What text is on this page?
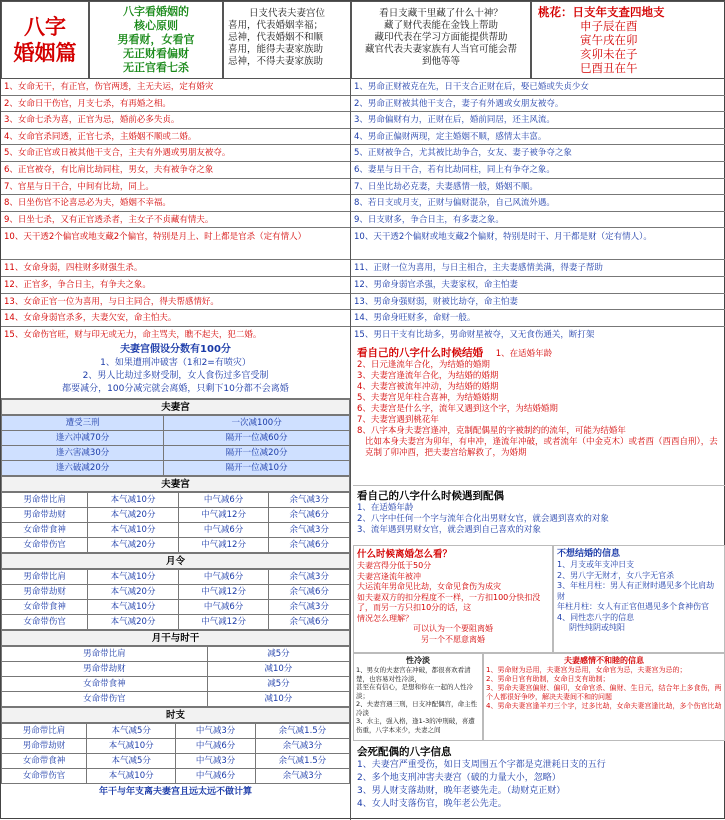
八字
婚姻篇
八字看婚姻的
核心原则
男看财，女看官
无正财看偏财
无正官看七杀
日支代表夫妻宫位
喜用，代表婚姻幸福；
忌神，代表婚姻不和顺
喜用，能得夫妻家族助
忌神，不得夫妻家族助
看日支藏干里藏了什么十神？
藏了财代表能在金钱上帮助
藏印代表在学习方面能提供帮助
藏官代表夫妻家族有人当官可能会帮
到他等等
桃花：日支年支查四地支
申子辰在酉
寅午戌在卯
亥卯未在子
巳酉丑在午
1、女命无干，有正官，伤官两透，主无夫运，定有婚灾
2、女命日干伤官，月支七杀，有再婚之相。
3、女命七杀为喜，正官为忌，婚前必多失贞。
4、女命官杀同透，正官七杀，主婚姻不顺或二婚。
5、女命正官或日被其他干支合，主夫有外遇或男朋友被夺。
6、正官被夺，有比肩比劫同柱，男女，夫有被争夺之象
7、官星与日干合，中间有比劫，同上。
8、日坐伤官不论喜忌必为夫，婚姻不幸福。
9、日坐七杀，又有正官透杀者，主女子不贞藏有情夫。
10、天干透2个偏官或地支藏2个偏官，特别是月上、时上都是官杀（定有情人）
11、女命身弱，四柱财多财强生杀。
12、正官多，争合日主，有争夫之象。
13、女命正官一位为喜用，与日主同合，得夫帮感情好。
14、女命身弱官杀多，夫妻欠安，命主怕夫。
15、女命伤官旺，财与印无或无力，命主骂夫，瞧不起夫，犯二婚。
1、男命正财被克在先，日干支合正财在后，娶已婚或失贞少女
2、男命正财被其他干支合，妻子有外遇或女朋友被夺。
3、男命偏财有力，正财在后，婚前同居，还主风流。
4、男命正偏财两现，定主婚姻不顺，感情太丰富。
5、正财被争合，尤其被比劫争合，女友、妻子被争夺之象
6、妻星与日干合，若有比劫同柱，同上有争夺之象。
7、日坐比劫必克妻，夫妻感情一般，婚姻不顺。
8、若日支或月支，正财与偏财混杂，自己风流外遇。
9、日支财多，争合日主，有多妻之象。
10、天干透2个偏财或地支藏2个偏财，特别是时干、月干都是财（定有情人）。
11、正财一位为喜用，与日主相合，主夫妻感情美满，得妻子帮助
12、男命身弱官杀强，夫妻家权，命主怕妻
13、男命身强财弱，财被比劫夺，命主怕妻
14、男命身旺财多，命财一般。
15、男日干支有比劫多，男命财星被夺，又无食伤通关，断打架
夫妻宫假设分数有100分
1、如果遭刑冲破害（1和2=有喷灾）
2、男人比劫过多财受制，女人食伤过多官受制
都要减分，100分减完就会离婚，只剩下10分都不会离婚
夫妻宫
遭受三刑	一次减100分
逢六冲减70分	隔开一位减60分
逢六害减30分	隔开一位减20分
逢六破减20分	隔开一位减10分
夫妻宫
男命带比肩	本气减10分	中气减6分	余气减3分
男命带劫财	本气减20分	中气减12分	余气减6分
女命带食神	本气减10分	中气减6分	余气减3分
女命带伤官	本气减20分	中气减12分	余气减6分
月令
男命带比肩	本气减10分	中气减6分	余气减3分
男命带劫财	本气减20分	中气减12分	余气减6分
女命带食神	本气减10分	中气减6分	余气减3分
女命带伤官	本气减20分	中气减12分	余气减6分
月干与时干
男命带比肩	减5分
男命带劫财	减10分
女命带食神	减5分
女命带伤官	减10分
时支
男命带比肩	本气减5分	中气减3分	余气减1.5分
男命带劫财	本气减10分	中气减6分	余气减3分
女命带食神	本气减5分	中气减3分	余气减1.5分
女命带伤官	本气减10分	中气减6分	余气减3分
年干与年支离夫妻宫且远太远不做计算
看自己的八字什么时候结婚 1、在适婚年龄
2、日元逢流年合化，为结婚的婚期
3、夫妻宫逢流年合化，为结婚的婚期
4、夫妻宫被流年冲动，为结婚的婚期
5、夫妻宫见年柱合喜神，为结婚婚期
6、夫妻宫是什么字，流年又遇到这个字，为结婚婚期
7、夫妻宫遇到桃花年
8、八字本身夫妻宫逢冲，克制配偶星的字被制约的流年，可能为结婚年
比如本身夫妻宫为卯年，有申冲，逢流年冲破，或者流年（中金克木）或者酉（酉酉自刑），去克制了卯冲酉，把夫妻宫给解救了，为婚期
看自己的八字什么时候遇到配偶
1、在适婚年龄
2、八字中任何一个字与流年合化出男财女官，就会遇到喜欢的对象
3、流年遇到男财女官，就会遇到自己喜欢的对象
什么时候离婚怎么看？
夫妻宫得分低于50分
夫妻宫逢流年被冲
大运流年男命见比劫，女命见食伤为成灾
如夫妻双方的扣分程度不一样，一方扣100分快扣没了，而另一方只扣10分的话，这
情况怎么理解？
可以认为一个要阻离婚
另一个不愿意离婚
不想结婚的信息
1、月支或年支冲日支
2、男八字无财才，女八字无官杀
3、年柱月柱：男人有正财时遇见多个比肩劫财
年柱月柱：女人有正官但遇见多个食神伤官
4、同性恋八字的信息
阴性纯阴或纯阳
性冷淡
1、男女的夫妻宫在冲破，都很喜欢看清楚，也容易对性冷淡，
甚至在有信心，是想和你在一起的人性冷淡；
2、夫妻宫遇三刑，日支冲配偶宫，命主性冷淡
3、水主，强入格，逢1-3的冲刑破，喜遭伤重，八字本来少，夫妻之间
夫妻感情不和睦的信息
1、男命财为忌用，夫妻宫为忌用，女命官为忌，夫妻宫为忌的；
2、男命日官有助制，女命日支有助制；
3、男命夫妻宫偏财、偏印，女命官杀、偏财、生日元，结合年上多食伤，两个人都很好争吵，解决夫妻间不和的问题
4、男命夫妻宫逢羊刃三个字，过多比劫，女命夫妻宫逢比劫，多个伤官比劫
会死配偶的八字信息
1、夫妻宫严重受伤，如日支周围五个字都是克泄耗日支的五行
2、多个地支刑冲害夫妻宫（破的力量大小，忽略）
3、男人财支落劫财，晚年老婆先走。（劫财克正财）
4、女人时支落伤官，晚年老公先走。
